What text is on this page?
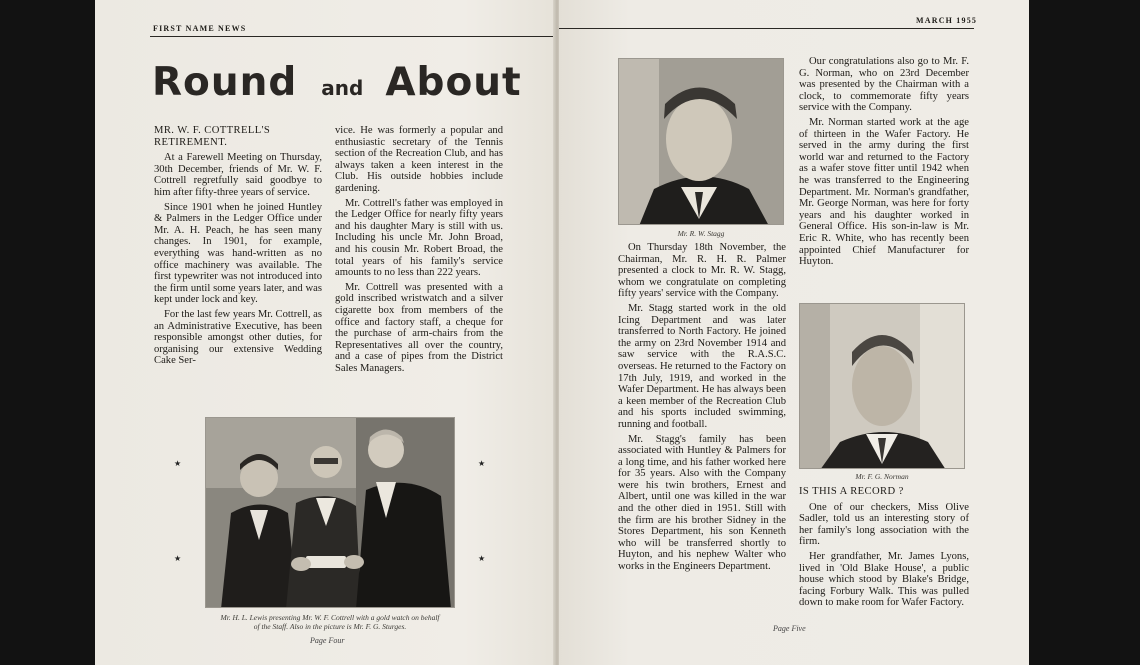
FIRST NAME NEWS
Round and About

MR. W. F. COTTRELL'S

RETIREMENT.

At a Farewell Meeting on Thursday, 30th December, friends of Mr. W. F. Cottrell regretfully said goodbye to him after fifty-three years of service.

Since 1901 when he joined Huntley & Palmers in the Ledger Office under Mr. A. H. Peach, he has seen many changes. In 1901, for example, everything was hand-written as no office machinery was available. The first typewriter was not introduced into the firm until some years later, and was kept under lock and key.

For the last few years Mr. Cottrell, as an Administrative Executive, has been responsible amongst other duties, for organising our extensive Wedding Cake Ser-

vice. He was formerly a popular and enthusiastic secretary of the Tennis section of the Recreation Club, and has always taken a keen interest in the Club. His outside hobbies include gardening.

Mr. Cottrell's father was employed in the Ledger Office for nearly fifty years and his daughter Mary is still with us. Including his uncle Mr. John Broad, and his cousin Mr. Robert Broad, the total years of his family's service amounts to no less than 222 years.

Mr. Cottrell was presented with a gold inscribed wristwatch and a silver cigarette box from members of the office and factory staff, a cheque for the purchase of arm-chairs from the Representatives all over the country, and a case of pipes from the District Sales Managers.

★	★
★	★
Mr. H. L. Lewis presenting Mr. W. F. Cottrell with a gold watch on behalf
of the Staff. Also in the picture is Mr. F. G. Sturges.
Page Four
MARCH 1955
Mr. R. W. Stagg

On Thursday 18th November, the Chairman, Mr. R. H. R. Palmer presented a clock to Mr. R. W. Stagg, whom we congratulate on completing fifty years' service with the Company.

Mr. Stagg started work in the old Icing Department and was later transferred to North Factory. He joined the army on 23rd November 1914 and saw service with the R.A.S.C. overseas. He returned to the Factory on 17th July, 1919, and worked in the Wafer Department. He has always been a keen member of the Recreation Club and his sports included swimming, running and football.

Mr. Stagg's family has been associated with Huntley & Palmers for a long time, and his father worked here for 35 years. Also with the Company were his twin brothers, Ernest and Albert, until one was killed in the war and the other died in 1951. Still with the firm are his brother Sidney in the Stores Department, his son Kenneth who will be transferred shortly to Huyton, and his nephew Walter who works in the Engineers Department.

Our congratulations also go to Mr. F. G. Norman, who on 23rd December was presented by the Chairman with a clock, to commemorate fifty years service with the Company.

Mr. Norman started work at the age of thirteen in the Wafer Factory. He served in the army during the first world war and returned to the Factory as a wafer stove fitter until 1942 when he was transferred to the Engineering Department. Mr. Norman's grandfather, Mr. George Norman, was here for forty years and his daughter worked in General Office. His son-in-law is Mr. Eric R. White, who has recently been appointed Chief Manufacturer for Huyton.

Mr. F. G. Norman

IS THIS A RECORD ?

One of our checkers, Miss Olive Sadler, told us an interesting story of her family's long association with the firm.

Her grandfather, Mr. James Lyons, lived in 'Old Blake House', a public house which stood by Blake's Bridge, facing Forbury Walk. This was pulled down to make room for Wafer Factory.

Page Five
